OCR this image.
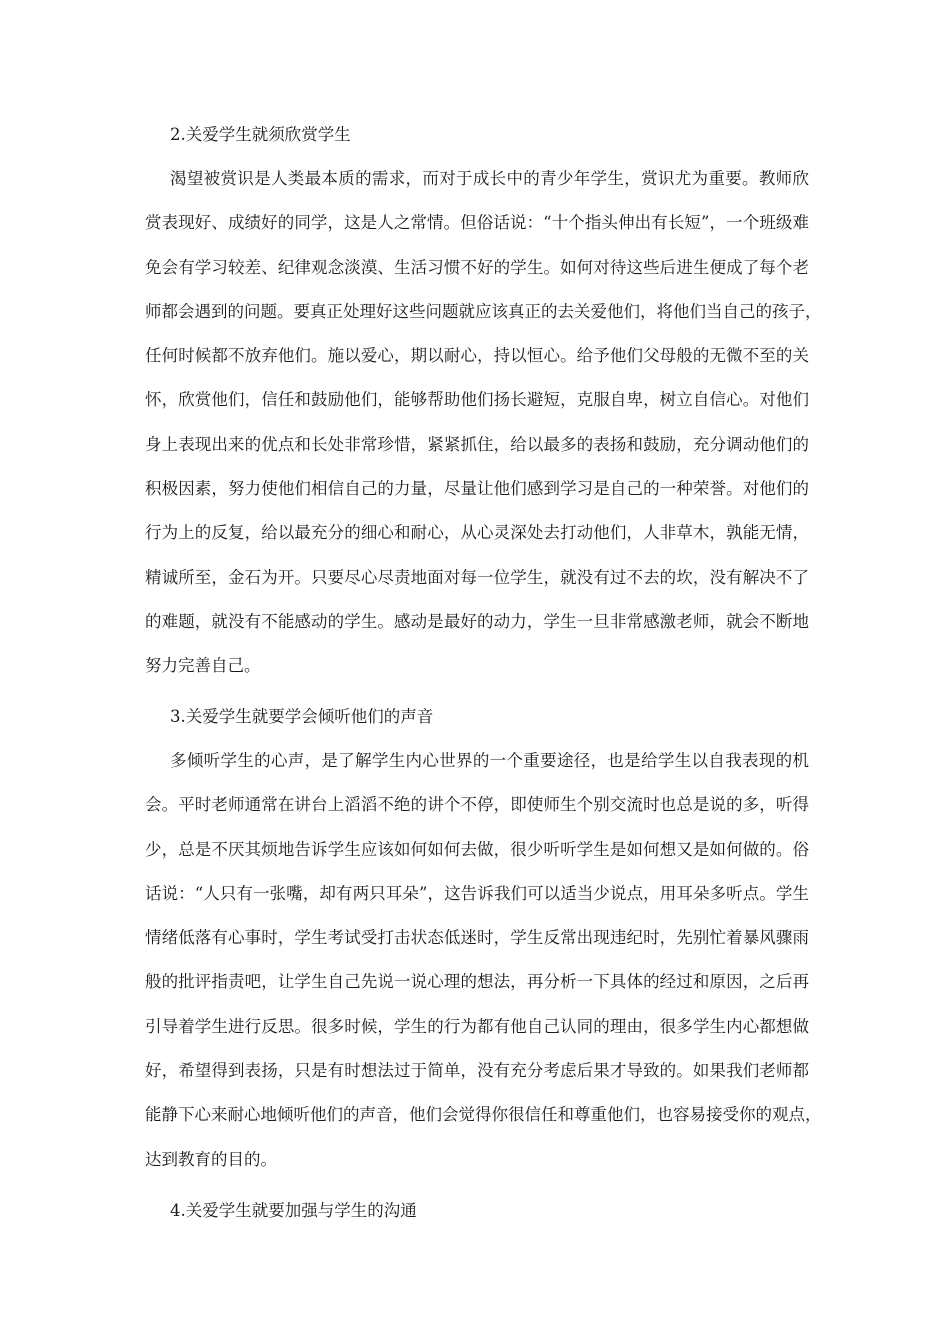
2.关爱学生就须欣赏学生
渴望被赏识是人类最本质的需求，而对于成长中的青少年学生，赏识尤为重要。教师欣
赏表现好、成绩好的同学，这是人之常情。但俗话说：“十个指头伸出有长短”，一个班级难
免会有学习较差、纪律观念淡漠、生活习惯不好的学生。如何对待这些后进生便成了每个老
师都会遇到的问题。要真正处理好这些问题就应该真正的去关爱他们，将他们当自己的孩子，
任何时候都不放弃他们。施以爱心，期以耐心，持以恒心。给予他们父母般的无微不至的关
怀，欣赏他们，信任和鼓励他们，能够帮助他们扬长避短，克服自卑，树立自信心。对他们
身上表现出来的优点和长处非常珍惜，紧紧抓住，给以最多的表扬和鼓励，充分调动他们的
积极因素，努力使他们相信自己的力量，尽量让他们感到学习是自己的一种荣誉。对他们的
行为上的反复，给以最充分的细心和耐心，从心灵深处去打动他们，人非草木，孰能无情，
精诚所至，金石为开。只要尽心尽责地面对每一位学生，就没有过不去的坎，没有解决不了
的难题，就没有不能感动的学生。感动是最好的动力，学生一旦非常感激老师，就会不断地
努力完善自己。
3.关爱学生就要学会倾听他们的声音
多倾听学生的心声，是了解学生内心世界的一个重要途径，也是给学生以自我表现的机
会。平时老师通常在讲台上滔滔不绝的讲个不停，即使师生个别交流时也总是说的多，听得
少，总是不厌其烦地告诉学生应该如何如何去做，很少听听学生是如何想又是如何做的。俗
话说：“人只有一张嘴，却有两只耳朵”，这告诉我们可以适当少说点，用耳朵多听点。学生
情绪低落有心事时，学生考试受打击状态低迷时，学生反常出现违纪时，先别忙着暴风骤雨
般的批评指责吧，让学生自己先说一说心理的想法，再分析一下具体的经过和原因，之后再
引导着学生进行反思。很多时候，学生的行为都有他自己认同的理由，很多学生内心都想做
好，希望得到表扬，只是有时想法过于简单，没有充分考虑后果才导致的。如果我们老师都
能静下心来耐心地倾听他们的声音，他们会觉得你很信任和尊重他们，也容易接受你的观点，
达到教育的目的。
4.关爱学生就要加强与学生的沟通
